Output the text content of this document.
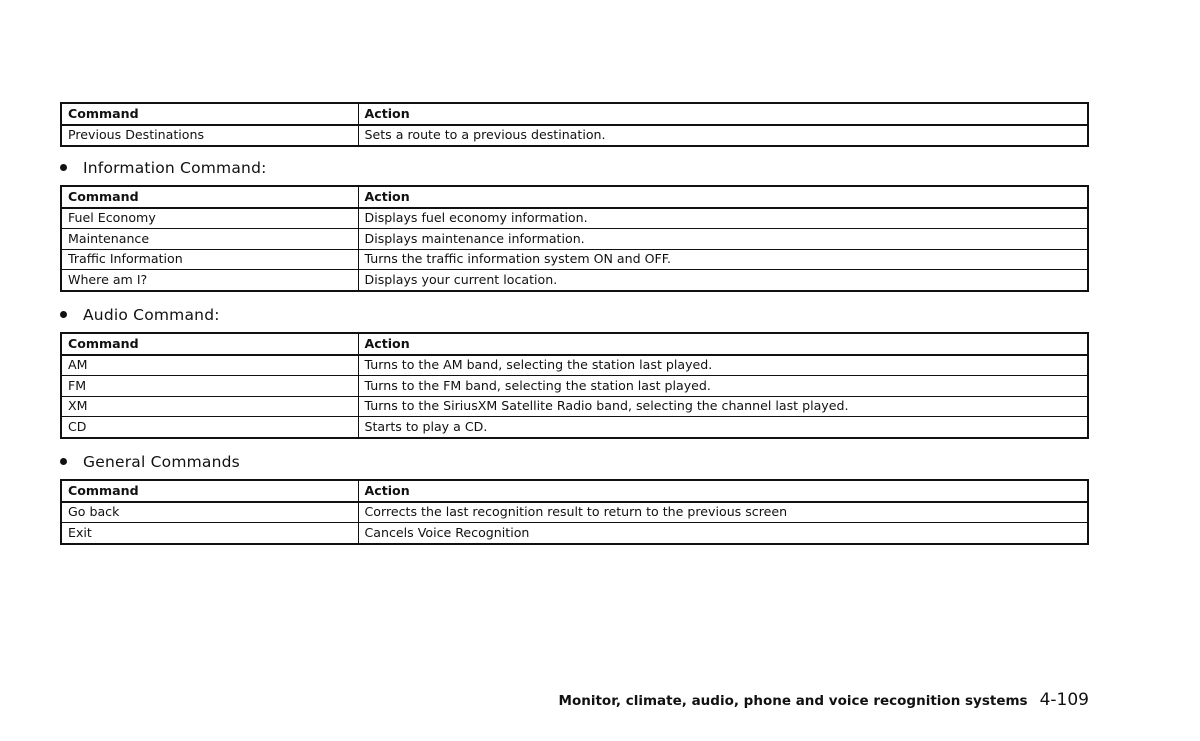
Command	Action
Previous Destinations	Sets a route to a previous destination.
Information Command:
Command	Action
Fuel Economy	Displays fuel economy information.
Maintenance	Displays maintenance information.
Traffic Information	Turns the traffic information system ON and OFF.
Where am I?	Displays your current location.
Audio Command:
Command	Action
AM	Turns to the AM band, selecting the station last played.
FM	Turns to the FM band, selecting the station last played.
XM	Turns to the SiriusXM Satellite Radio band, selecting the channel last played.
CD	Starts to play a CD.
General Commands
Command	Action
Go back	Corrects the last recognition result to return to the previous screen
Exit	Cancels Voice Recognition
Monitor, climate, audio, phone and voice recognition systems 4-109
